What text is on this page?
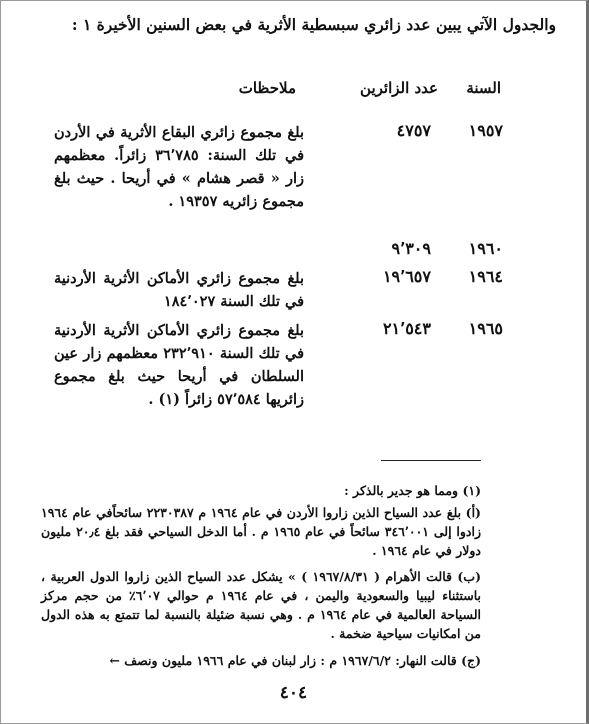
والجدول الآتي يبين عدد زائري سبسطية الأثرية في بعض السنين الأخيرة ١ :
السنة
عدد الزائرين
ملاحظات
١٩٥٧
٤٧٥٧
بلغ مجموع زائري البقاع الأثرية في الأردن في تلك السنة: ٣٦٬٧٨٥ زائراً. معظمهم زار « قصر هشام » في أريحا . حيث بلغ مجموع زائريه ١٩٣٥٧ .
١٩٦٠
٩٬٣٠٩
١٩٦٤
١٩٬٦٥٧
بلغ مجموع زائري الأماكن الأثرية الأردنية في تلك السنة ١٨٤٬٠٢٧
١٩٦٥
٢١٬٥٤٣
بلغ مجموع زائري الأماكن الأثرية الأردنية في تلك السنة ٢٣٢٬٩١٠ معظمهم زار عين السلطان في أريحا حيث بلغ مجموع زائريها ٥٧٬٥٨٤ زائراً (١) .
(١) ومما هو جدير بالذكر :
(أ) بلغ عدد السياح الذين زاروا الأردن في عام ١٩٦٤ م ٢٢٣٠٣٨٧ سائحاًفي عام ١٩٦٤ زادوا إلى ٣٤٦٬٠٠١ سائحاً في عام ١٩٦٥ م . أما الدخل السياحي فقد بلغ ٢٠٫٤ مليون دولار في عام ١٩٦٤ .
(ب) قالت الأهرام ( ١٩٦٧/٨/٣١ ) » يشكل عدد السياح الذين زاروا الدول العربية ، باستثناء ليبيا والسعودية واليمن ، في عام ١٩٦٤ م حوالي ٦٬٠٧٪ من حجم مركز السياحة العالمية في عام ١٩٦٤ م . وهي نسبة ضئيلة بالنسبة لما تتمتع به هذه الدول من امكانيات سياحية ضخمة .
(ج) قالت النهار: ١٩٦٧/٦/٢ م : زار لبنان في عام ١٩٦٦ مليون ونصف ←
٤٠٤
